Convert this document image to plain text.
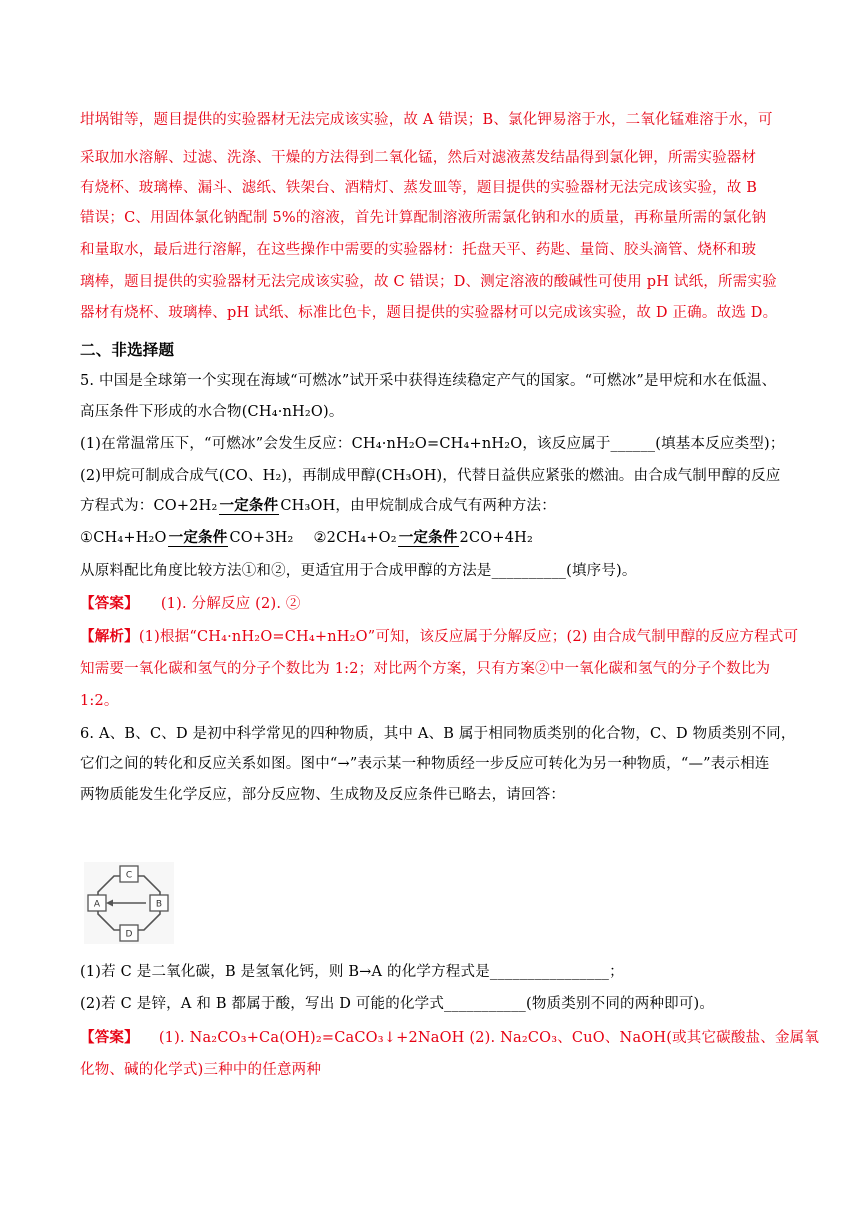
坩埚钳等，题目提供的实验器材无法完成该实验，故 A 错误；B、氯化钾易溶于水，二氧化锰难溶于水，可
采取加水溶解、过滤、洗涤、干燥的方法得到二氧化锰，然后对滤液蒸发结晶得到氯化钾，所需实验器材
有烧杯、玻璃棒、漏斗、滤纸、铁架台、酒精灯、蒸发皿等，题目提供的实验器材无法完成该实验，故 B
错误；C、用固体氯化钠配制 5%的溶液，首先计算配制溶液所需氯化钠和水的质量，再称量所需的氯化钠
和量取水，最后进行溶解，在这些操作中需要的实验器材：托盘天平、药匙、量筒、胶头滴管、烧杯和玻
璃棒，题目提供的实验器材无法完成该实验，故 C 错误；D、测定溶液的酸碱性可使用 pH 试纸，所需实验
器材有烧杯、玻璃棒、pH 试纸、标准比色卡，题目提供的实验器材可以完成该实验，故 D 正确。故选 D。
二、非选择题
5. 中国是全球第一个实现在海域“可燃冰”试开采中获得连续稳定产气的国家。“可燃冰”是甲烷和水在低温、
高压条件下形成的水合物(CH₄·nH₂O)。
(1)在常温常压下，“可燃冰”会发生反应：CH₄·nH₂O=CH₄+nH₂O，该反应属于______(填基本反应类型)；
(2)甲烷可制成合成气(CO、H₂)，再制成甲醇(CH₃OH)，代替日益供应紧张的燃油。由合成气制甲醇的反应
方程式为：CO+2H₂ 一定条件 CH₃OH，由甲烷制成合成气有两种方法：
①CH₄+H₂O 一定条件 CO+3H₂ ②2CH₄+O₂ 一定条件 2CO+4H₂
从原料配比角度比较方法①和②，更适宜用于合成甲醇的方法是__________(填序号)。
【答案】 (1). 分解反应 (2). ②
【解析】(1)根据“CH₄·nH₂O=CH₄+nH₂O”可知，该反应属于分解反应；(2) 由合成气制甲醇的反应方程式可
知需要一氧化碳和氢气的分子个数比为 1:2；对比两个方案，只有方案②中一氧化碳和氢气的分子个数比为
1:2。
6. A、B、C、D 是初中科学常见的四种物质，其中 A、B 属于相同物质类别的化合物，C、D 物质类别不同，
它们之间的转化和反应关系如图。图中“→”表示某一种物质经一步反应可转化为另一种物质，“—”表示相连
两物质能发生化学反应，部分反应物、生成物及反应条件已略去，请回答：
C
A	B
D
(1)若 C 是二氧化碳，B 是氢氧化钙，则 B→A 的化学方程式是________________；
(2)若 C 是锌，A 和 B 都属于酸，写出 D 可能的化学式___________(物质类别不同的两种即可)。
【答案】 (1). Na₂CO₃+Ca(OH)₂=CaCO₃↓+2NaOH (2). Na₂CO₃、CuO、NaOH(或其它碳酸盐、金属氧
化物、碱的化学式)三种中的任意两种
